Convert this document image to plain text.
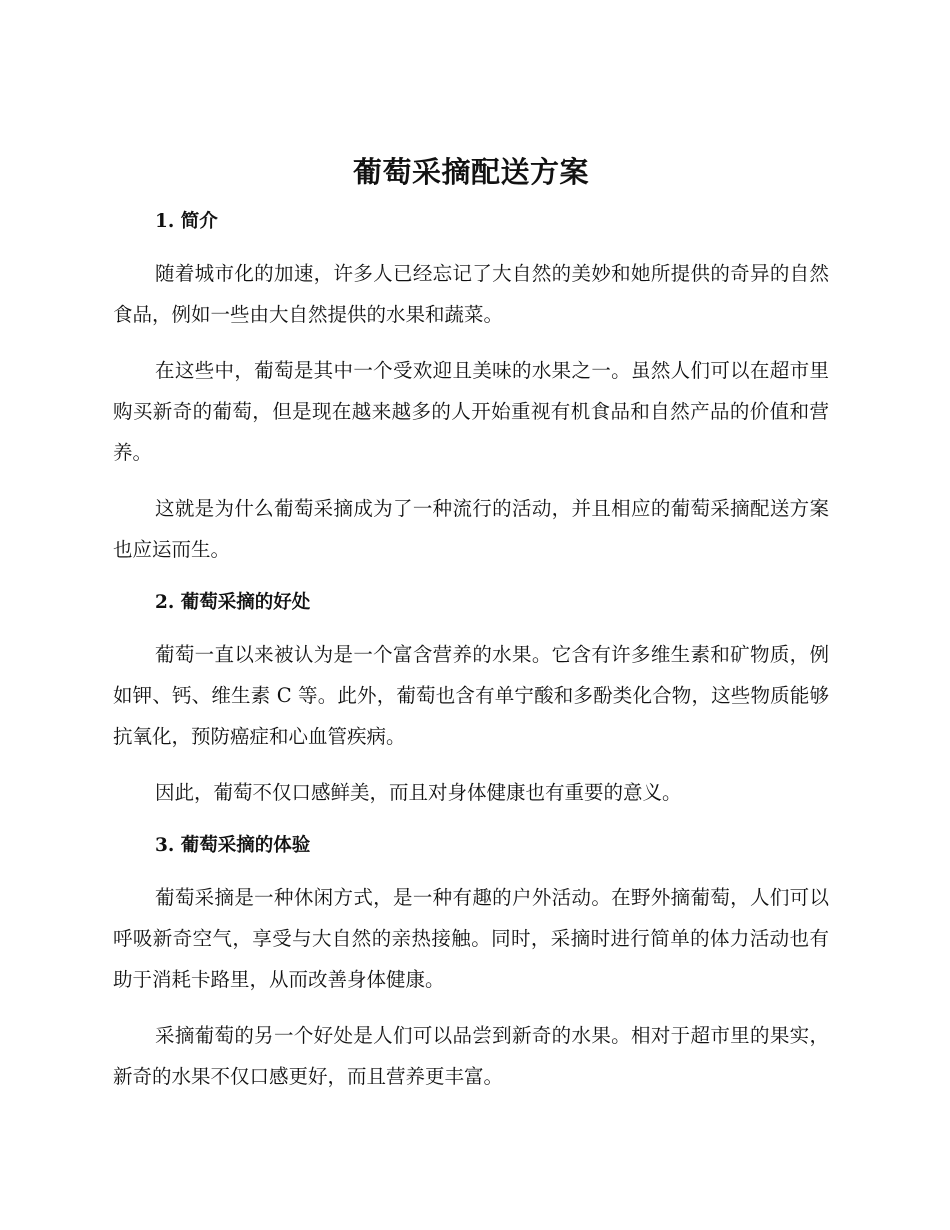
葡萄采摘配送方案
1. 简介

随着城市化的加速，许多人已经忘记了大自然的美妙和她所提供的奇异的自然食品，例如一些由大自然提供的水果和蔬菜。

在这些中，葡萄是其中一个受欢迎且美味的水果之一。虽然人们可以在超市里购买新奇的葡萄，但是现在越来越多的人开始重视有机食品和自然产品的价值和营养。

这就是为什么葡萄采摘成为了一种流行的活动，并且相应的葡萄采摘配送方案也应运而生。

2. 葡萄采摘的好处

葡萄一直以来被认为是一个富含营养的水果。它含有许多维生素和矿物质，例如钾、钙、维生素 C 等。此外，葡萄也含有单宁酸和多酚类化合物，这些物质能够抗氧化，预防癌症和心血管疾病。

因此，葡萄不仅口感鲜美，而且对身体健康也有重要的意义。

3. 葡萄采摘的体验

葡萄采摘是一种休闲方式，是一种有趣的户外活动。在野外摘葡萄，人们可以呼吸新奇空气，享受与大自然的亲热接触。同时，采摘时进行简单的体力活动也有助于消耗卡路里，从而改善身体健康。

采摘葡萄的另一个好处是人们可以品尝到新奇的水果。相对于超市里的果实，新奇的水果不仅口感更好，而且营养更丰富。
